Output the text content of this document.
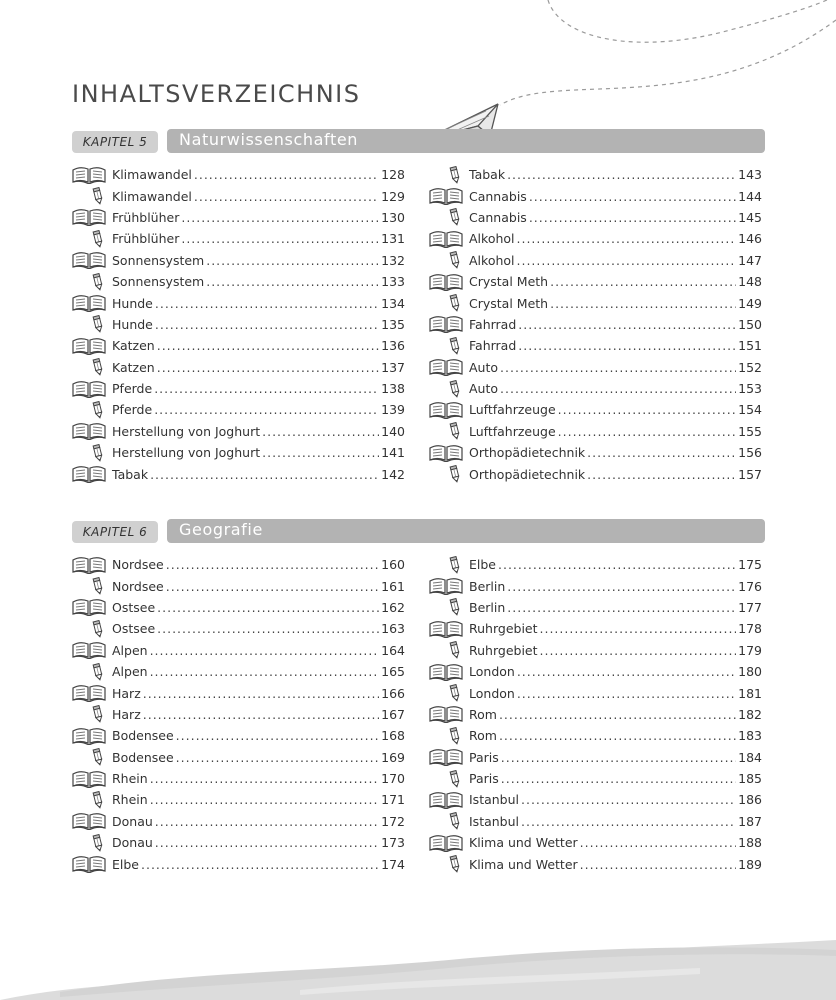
INHALTSVERZEICHNIS
KAPITEL 5	Naturwissenschaften
Klimawandel .....	128
Klimawandel .....	129
Frühblüher .....	130
Frühblüher .....	131
Sonnensystem .....	132
Sonnensystem .....	133
Hunde .....	134
Hunde .....	135
Katzen .....	136
Katzen .....	137
Pferde .....	138
Pferde .....	139
Herstellung von Joghurt .....	140
Herstellung von Joghurt .....	141
Tabak .....	142
Tabak .....	143
Cannabis .....	144
Cannabis .....	145
Alkohol .....	146
Alkohol .....	147
Crystal Meth .....	148
Crystal Meth .....	149
Fahrrad .....	150
Fahrrad .....	151
Auto .....	152
Auto .....	153
Luftfahrzeuge .....	154
Luftfahrzeuge .....	155
Orthopädietechnik .....	156
Orthopädietechnik .....	157
KAPITEL 6	Geografie
Nordsee .....	160
Nordsee .....	161
Ostsee .....	162
Ostsee .....	163
Alpen .....	164
Alpen .....	165
Harz .....	166
Harz .....	167
Bodensee .....	168
Bodensee .....	169
Rhein .....	170
Rhein .....	171
Donau .....	172
Donau .....	173
Elbe .....	174
Elbe .....	175
Berlin .....	176
Berlin .....	177
Ruhrgebiet .....	178
Ruhrgebiet .....	179
London .....	180
London .....	181
Rom .....	182
Rom .....	183
Paris .....	184
Paris .....	185
Istanbul .....	186
Istanbul .....	187
Klima und Wetter .....	188
Klima und Wetter .....	189
